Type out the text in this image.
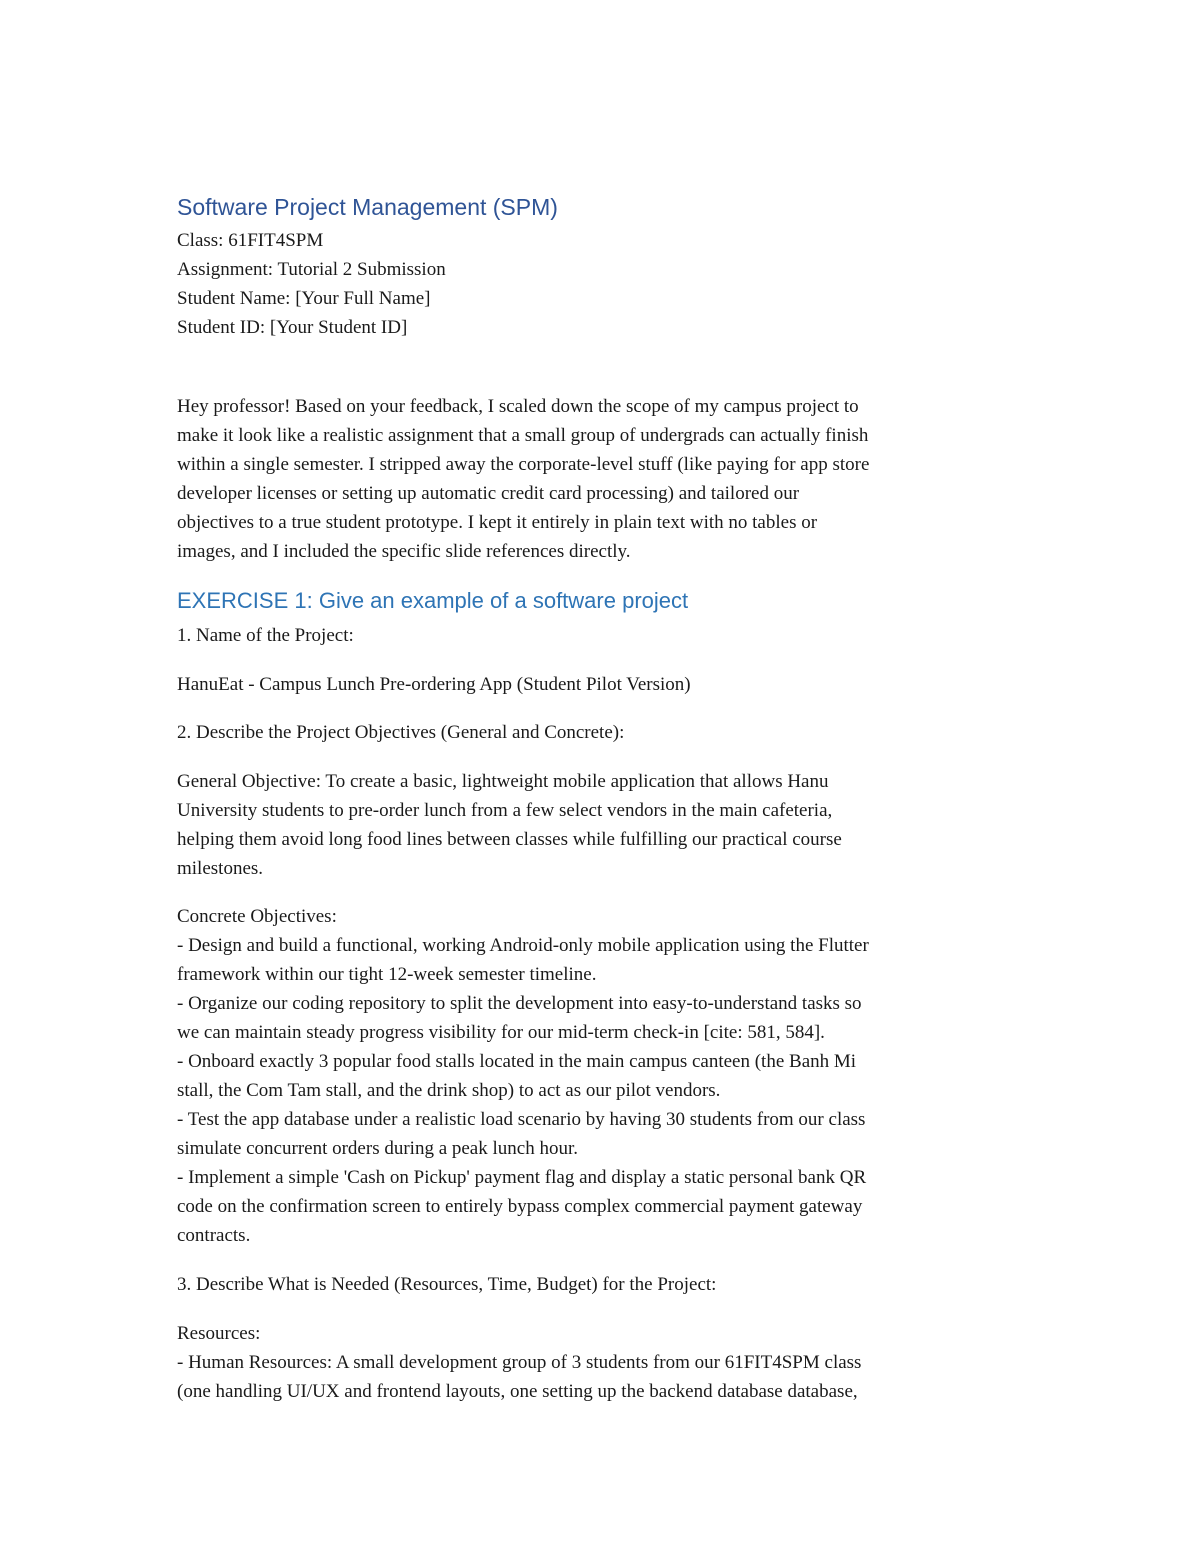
Software Project Management (SPM)
Class: 61FIT4SPM
Assignment: Tutorial 2 Submission
Student Name: [Your Full Name]
Student ID: [Your Student ID]
Hey professor! Based on your feedback, I scaled down the scope of my campus project to
make it look like a realistic assignment that a small group of undergrads can actually finish
within a single semester. I stripped away the corporate-level stuff (like paying for app store
developer licenses or setting up automatic credit card processing) and tailored our
objectives to a true student prototype. I kept it entirely in plain text with no tables or
images, and I included the specific slide references directly.
EXERCISE 1: Give an example of a software project
1. Name of the Project:
HanuEat - Campus Lunch Pre-ordering App (Student Pilot Version)
2. Describe the Project Objectives (General and Concrete):
General Objective: To create a basic, lightweight mobile application that allows Hanu
University students to pre-order lunch from a few select vendors in the main cafeteria,
helping them avoid long food lines between classes while fulfilling our practical course
milestones.
Concrete Objectives:
- Design and build a functional, working Android-only mobile application using the Flutter
framework within our tight 12-week semester timeline.
- Organize our coding repository to split the development into easy-to-understand tasks so
we can maintain steady progress visibility for our mid-term check-in [cite: 581, 584].
- Onboard exactly 3 popular food stalls located in the main campus canteen (the Banh Mi
stall, the Com Tam stall, and the drink shop) to act as our pilot vendors.
- Test the app database under a realistic load scenario by having 30 students from our class
simulate concurrent orders during a peak lunch hour.
- Implement a simple 'Cash on Pickup' payment flag and display a static personal bank QR
code on the confirmation screen to entirely bypass complex commercial payment gateway
contracts.
3. Describe What is Needed (Resources, Time, Budget) for the Project:
Resources:
- Human Resources: A small development group of 3 students from our 61FIT4SPM class
(one handling UI/UX and frontend layouts, one setting up the backend database database,
